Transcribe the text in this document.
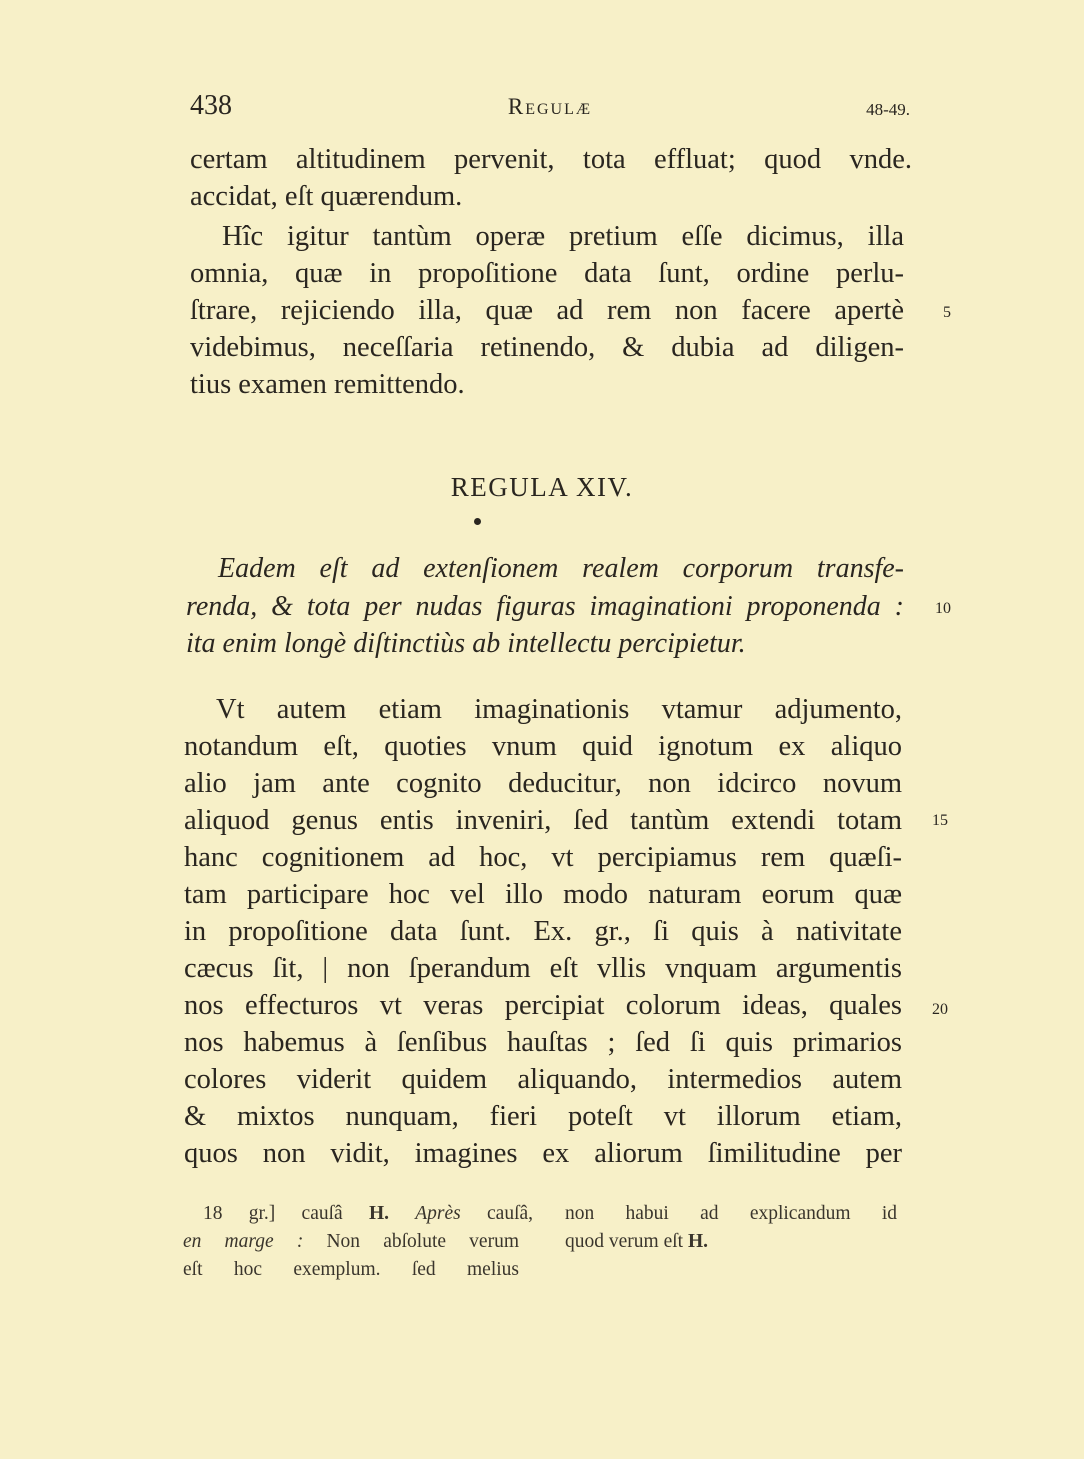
438	Regulæ	48-49.
certam altitudinem pervenit, tota effluat; quod vnde.
accidat, eſt quærendum.
Hîc igitur tantùm operæ pretium eſſe dicimus, illa
omnia, quæ in propoſitione data ſunt, ordine perlu-
ſtrare, rejiciendo illa, quæ ad rem non facere apertè
videbimus, neceſſaria retinendo, & dubia ad diligen-
tius examen remittendo.
5
REGULA XIV.
Eadem eſt ad extenſionem realem corporum transfe-
renda, & tota per nudas figuras imaginationi proponenda :
ita enim longè diſtinctiùs ab intellectu percipietur.
10
Vt autem etiam imaginationis vtamur adjumento,
notandum eſt, quoties vnum quid ignotum ex aliquo
alio jam ante cognito deducitur, non idcirco novum
aliquod genus entis inveniri, ſed tantùm extendi totam
hanc cognitionem ad hoc, vt percipiamus rem quæſi-
tam participare hoc vel illo modo naturam eorum quæ
in propoſitione data ſunt. Ex. gr., ſi quis à nativitate
cæcus ſit, | non ſperandum eſt vllis vnquam argumentis
nos effecturos vt veras percipiat colorum ideas, quales
nos habemus à ſenſibus hauſtas ; ſed ſi quis primarios
colores viderit quidem aliquando, intermedios autem
& mixtos nunquam, fieri poteſt vt illorum etiam,
quos non vidit, imagines ex aliorum ſimilitudine per
15
20
18 gr.] cauſâ H. Après cauſâ,
en marge : Non abſolute verum
eſt hoc exemplum. ſed melius
non habui ad explicandum id
quod verum eſt H.
